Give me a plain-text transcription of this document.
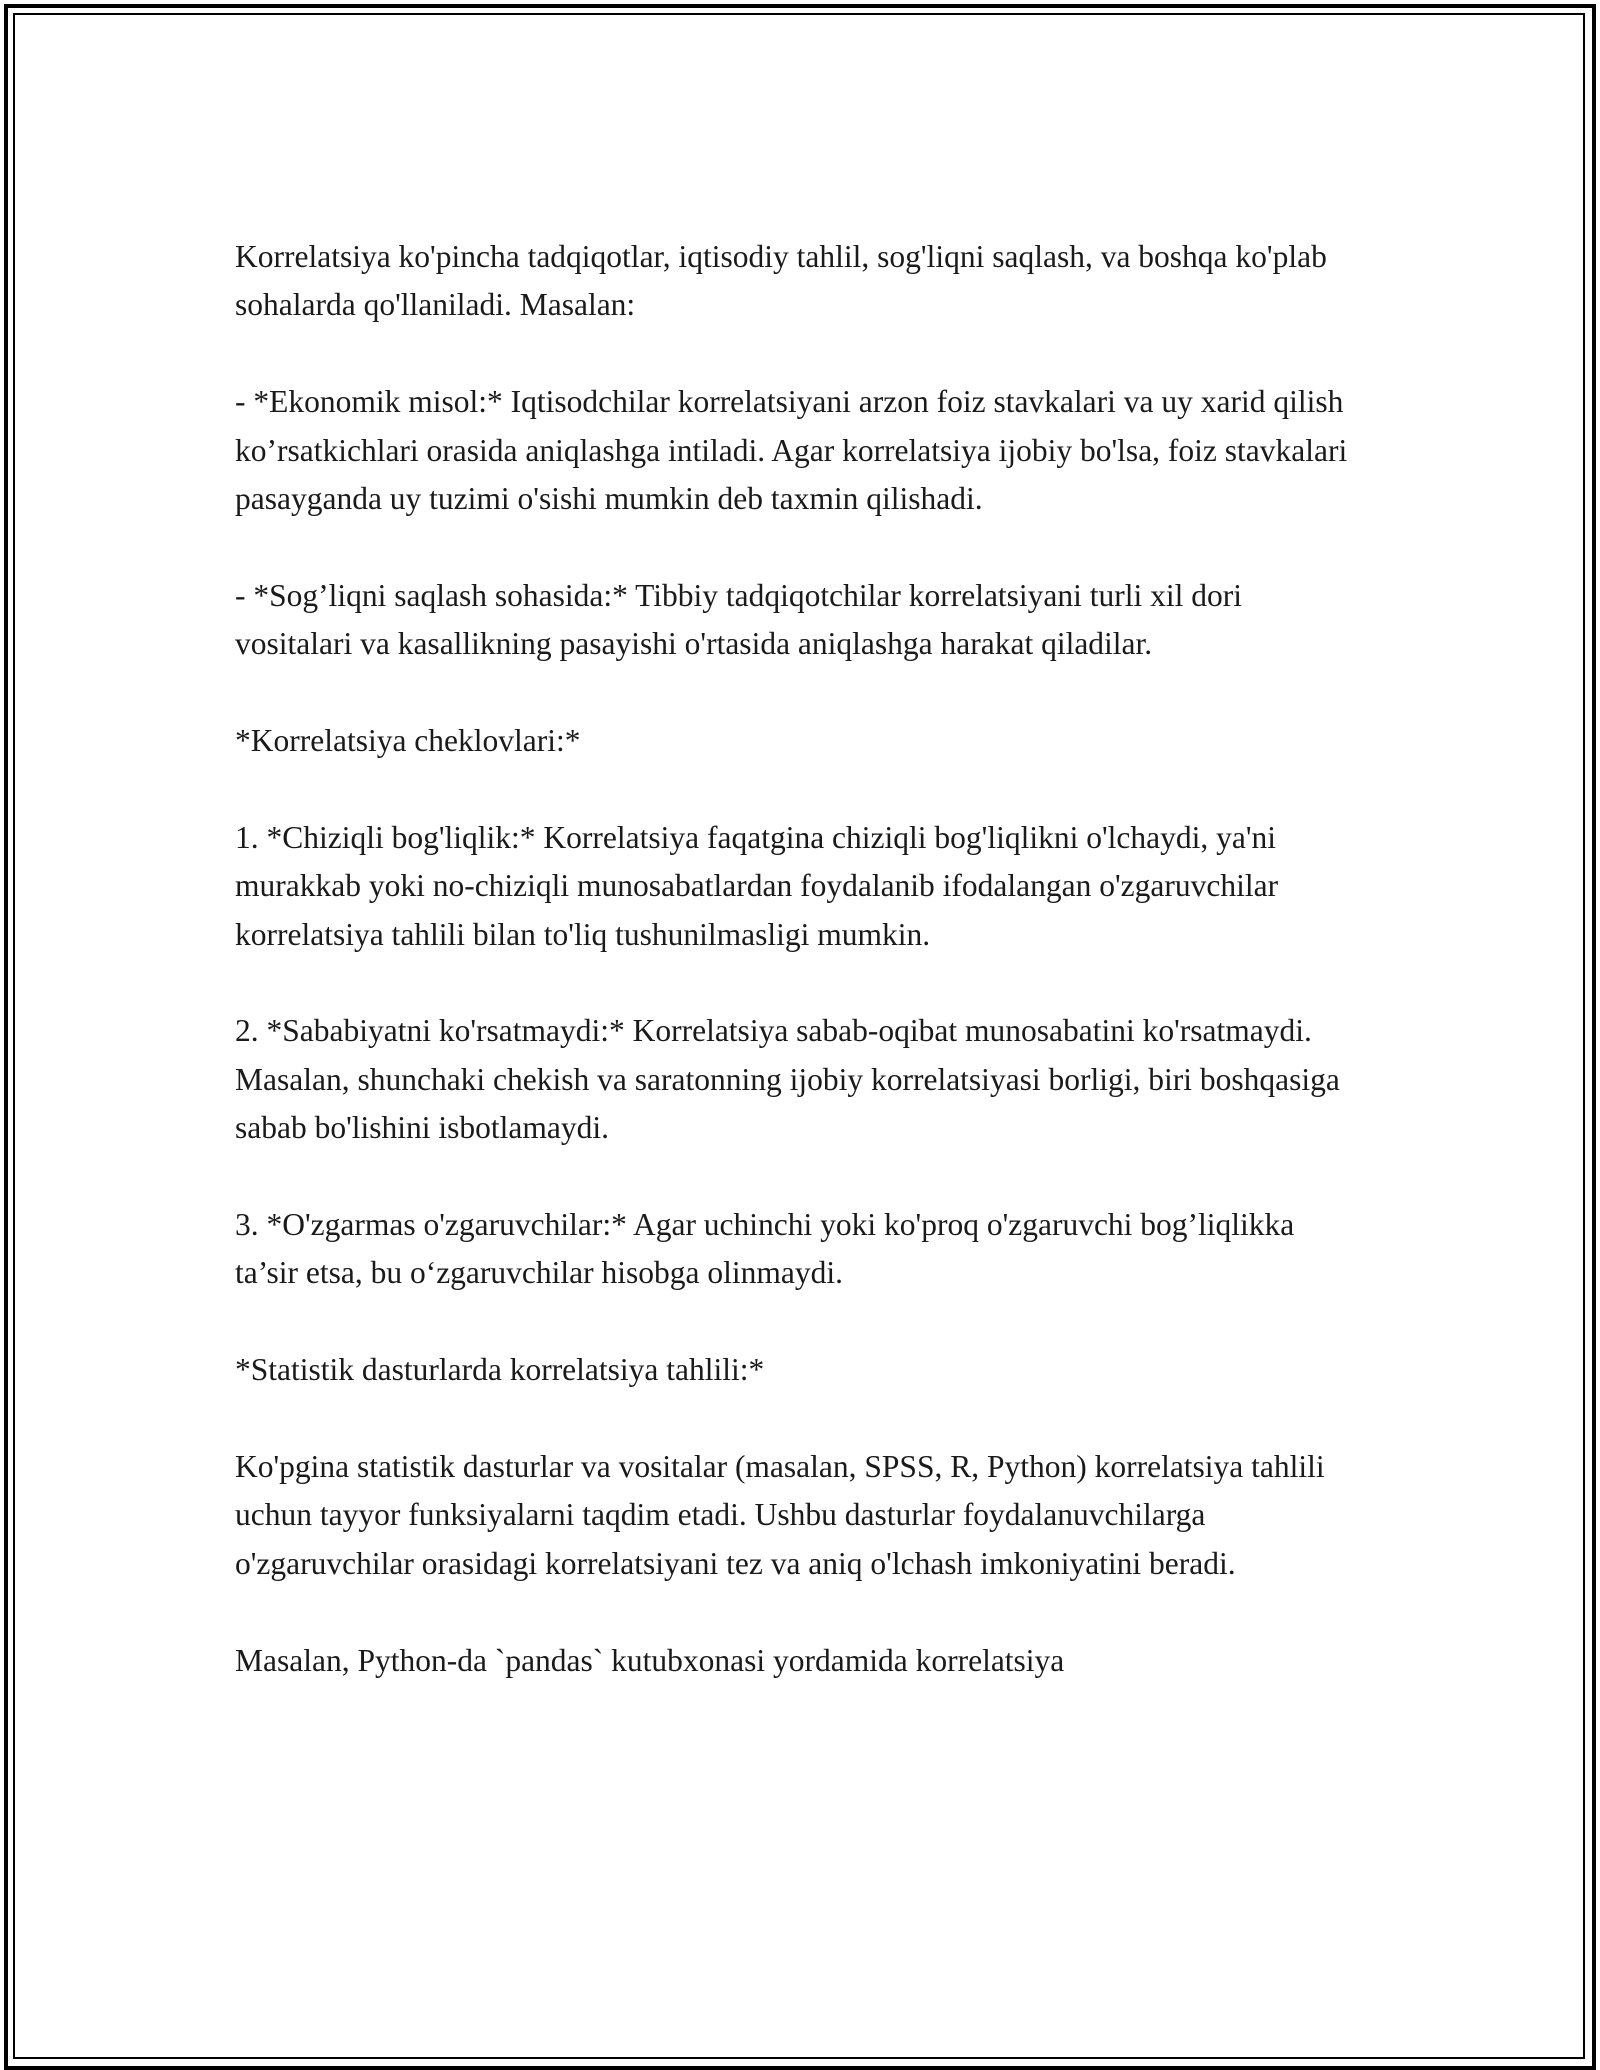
Korrelatsiya ko'pincha tadqiqotlar, iqtisodiy tahlil, sog'liqni saqlash, va boshqa ko'plab sohalarda qo'llaniladi. Masalan:

- *Ekonomik misol:* Iqtisodchilar korrelatsiyani arzon foiz stavkalari va uy xarid qilish ko’rsatkichlari orasida aniqlashga intiladi. Agar korrelatsiya ijobiy bo'lsa, foiz stavkalari pasayganda uy tuzimi o'sishi mumkin deb taxmin qilishadi.

- *Sog’liqni saqlash sohasida:* Tibbiy tadqiqotchilar korrelatsiyani turli xil dori vositalari va kasallikning pasayishi o'rtasida aniqlashga harakat qiladilar.

*Korrelatsiya cheklovlari:*

1. *Chiziqli bog'liqlik:* Korrelatsiya faqatgina chiziqli bog'liqlikni o'lchaydi, ya'ni murakkab yoki no-chiziqli munosabatlardan foydalanib ifodalangan o'zgaruvchilar korrelatsiya tahlili bilan to'liq tushunilmasligi mumkin.

2. *Sababiyatni ko'rsatmaydi:* Korrelatsiya sabab-oqibat munosabatini ko'rsatmaydi. Masalan, shunchaki chekish va saratonning ijobiy korrelatsiyasi borligi, biri boshqasiga sabab bo'lishini isbotlamaydi.

3. *O'zgarmas o'zgaruvchilar:* Agar uchinchi yoki ko'proq o'zgaruvchi bog’liqlikka ta’sir etsa, bu o‘zgaruvchilar hisobga olinmaydi.

*Statistik dasturlarda korrelatsiya tahlili:*

Ko'pgina statistik dasturlar va vositalar (masalan, SPSS, R, Python) korrelatsiya tahlili uchun tayyor funksiyalarni taqdim etadi. Ushbu dasturlar foydalanuvchilarga o'zgaruvchilar orasidagi korrelatsiyani tez va aniq o'lchash imkoniyatini beradi.

Masalan, Python-da `pandas` kutubxonasi yordamida korrelatsiya
